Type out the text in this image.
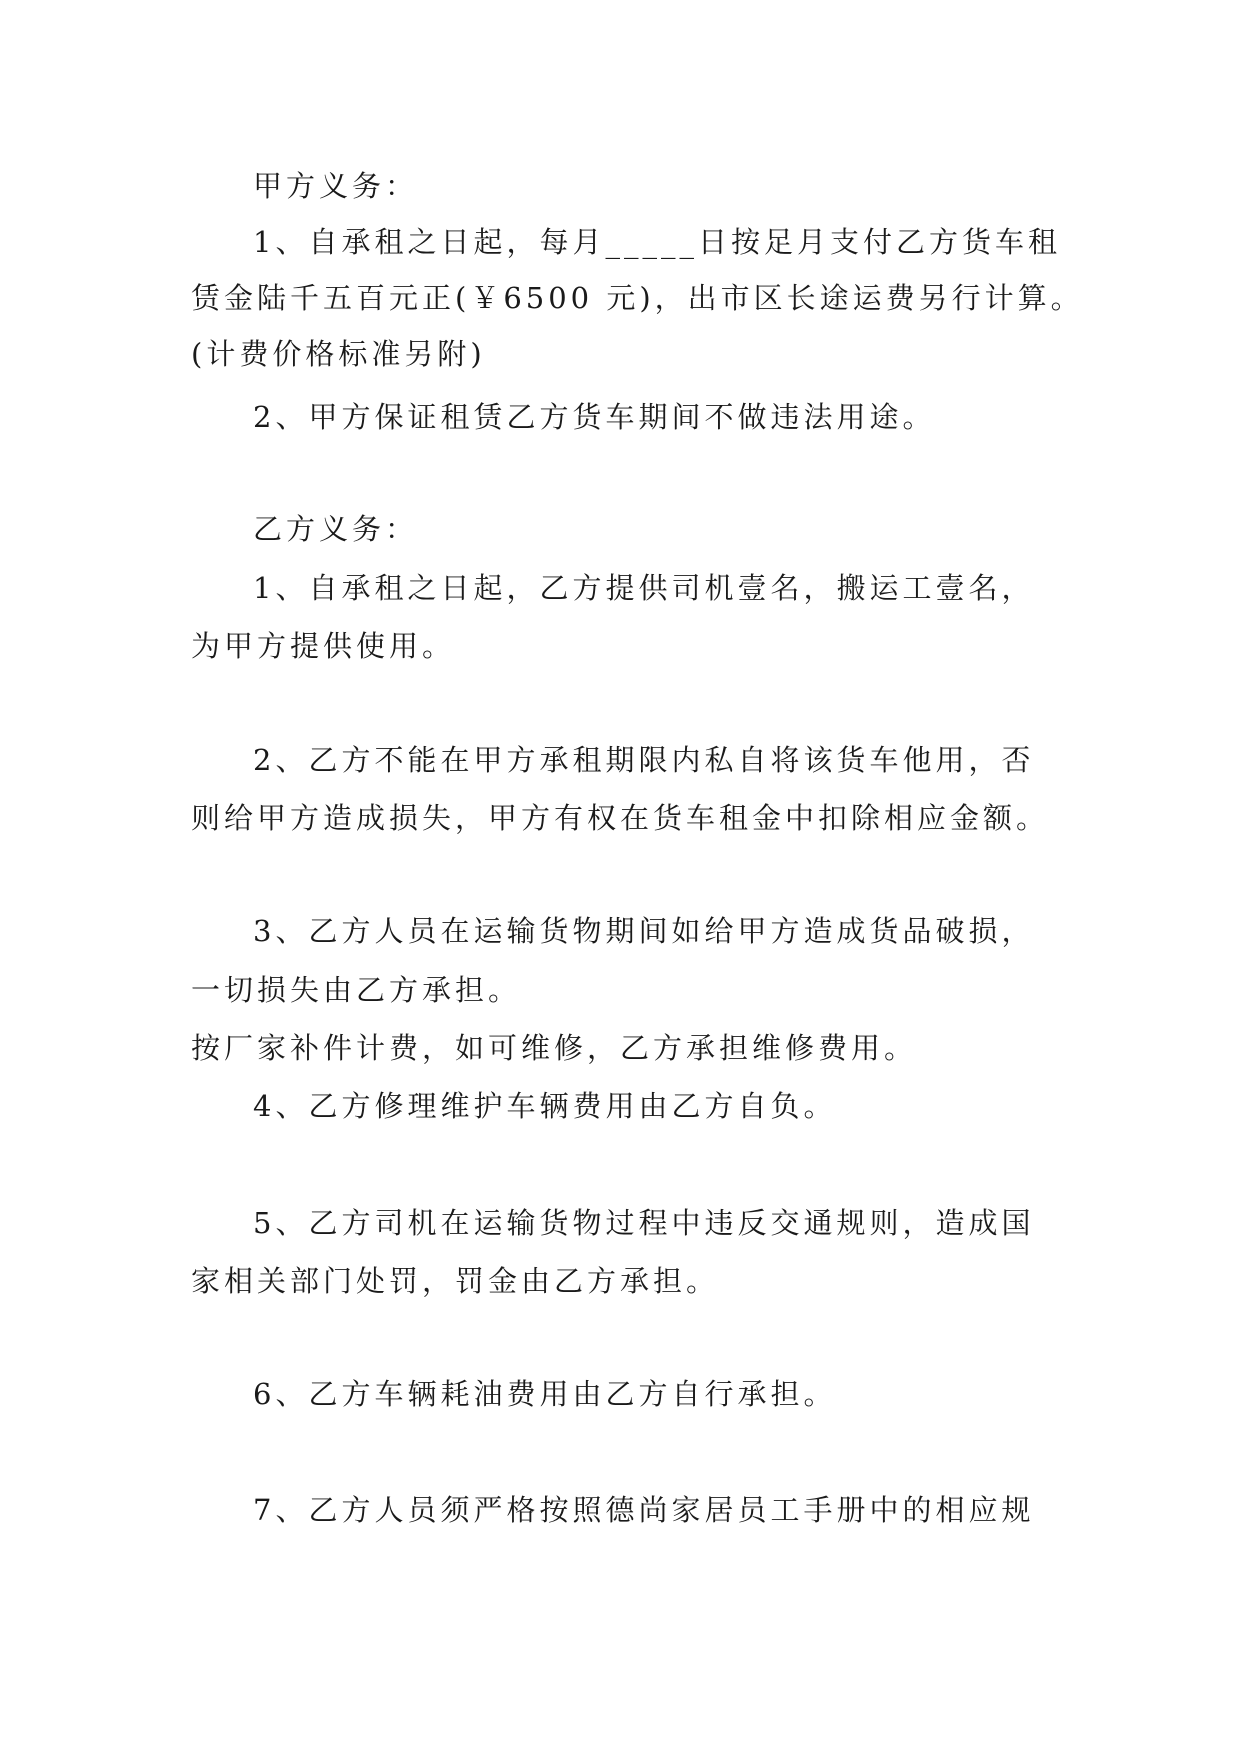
甲方义务：
1、自承租之日起，每月_____日按足月支付乙方货车租
赁金陆千五百元正(￥6500 元)，出市区长途运费另行计算。
(计费价格标准另附)
2、甲方保证租赁乙方货车期间不做违法用途。
乙方义务：
1、自承租之日起，乙方提供司机壹名，搬运工壹名，
为甲方提供使用。
2、乙方不能在甲方承租期限内私自将该货车他用，否
则给甲方造成损失，甲方有权在货车租金中扣除相应金额。
3、乙方人员在运输货物期间如给甲方造成货品破损，
一切损失由乙方承担。
按厂家补件计费，如可维修，乙方承担维修费用。
4、乙方修理维护车辆费用由乙方自负。
5、乙方司机在运输货物过程中违反交通规则，造成国
家相关部门处罚，罚金由乙方承担。
6、乙方车辆耗油费用由乙方自行承担。
7、乙方人员须严格按照德尚家居员工手册中的相应规
